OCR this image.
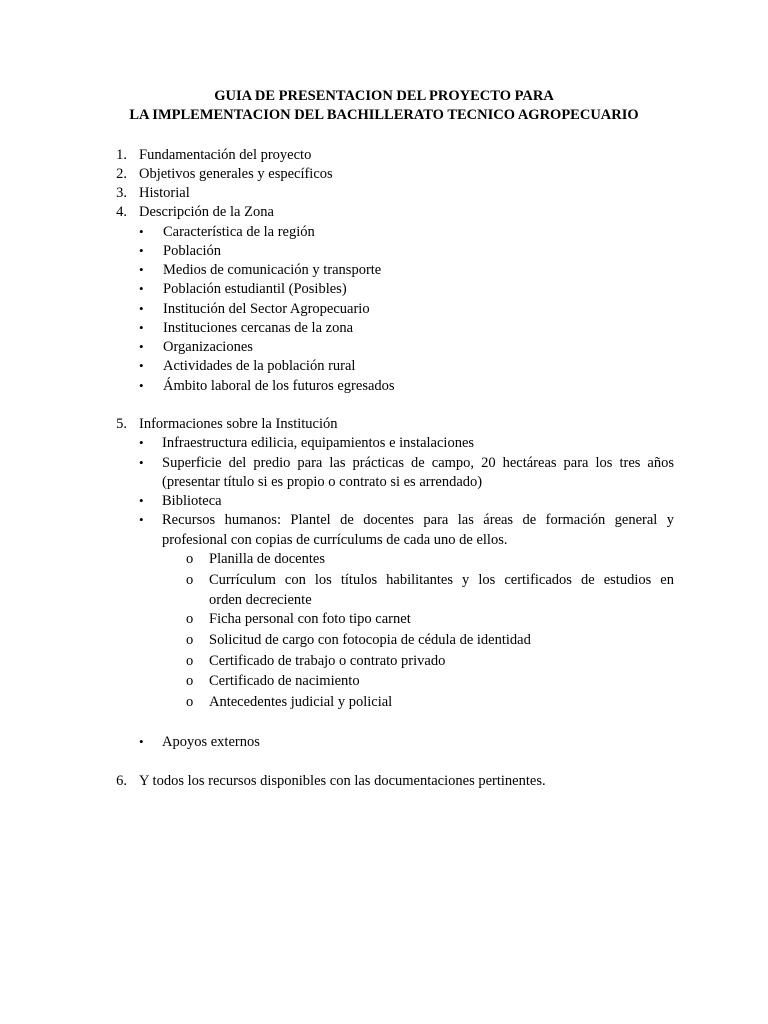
GUIA DE PRESENTACION DEL PROYECTO PARA
LA IMPLEMENTACION DEL BACHILLERATO TECNICO AGROPECUARIO
1. Fundamentación del proyecto
2. Objetivos generales y específicos
3. Historial
4. Descripción de la Zona
• Característica de la región
• Población
• Medios de comunicación y transporte
• Población estudiantil (Posibles)
• Institución del Sector Agropecuario
• Instituciones cercanas de la zona
• Organizaciones
• Actividades de la población rural
• Ámbito laboral de los futuros egresados
5. Informaciones sobre la Institución
• Infraestructura edilicia, equipamientos e instalaciones
• Superficie del predio para las prácticas de campo, 20 hectáreas para los tres años
(presentar título si es propio o contrato si es arrendado)
• Biblioteca
• Recursos humanos: Plantel de docentes para las áreas de formación general y
profesional con copias de currículums de cada uno de ellos.
o Planilla de docentes
o Currículum con los títulos habilitantes y los certificados de estudios en
orden decreciente
o Ficha personal con foto tipo carnet
o Solicitud de cargo con fotocopia de cédula de identidad
o Certificado de trabajo o contrato privado
o Certificado de nacimiento
o Antecedentes judicial y policial
• Apoyos externos
6. Y todos los recursos disponibles con las documentaciones pertinentes.
